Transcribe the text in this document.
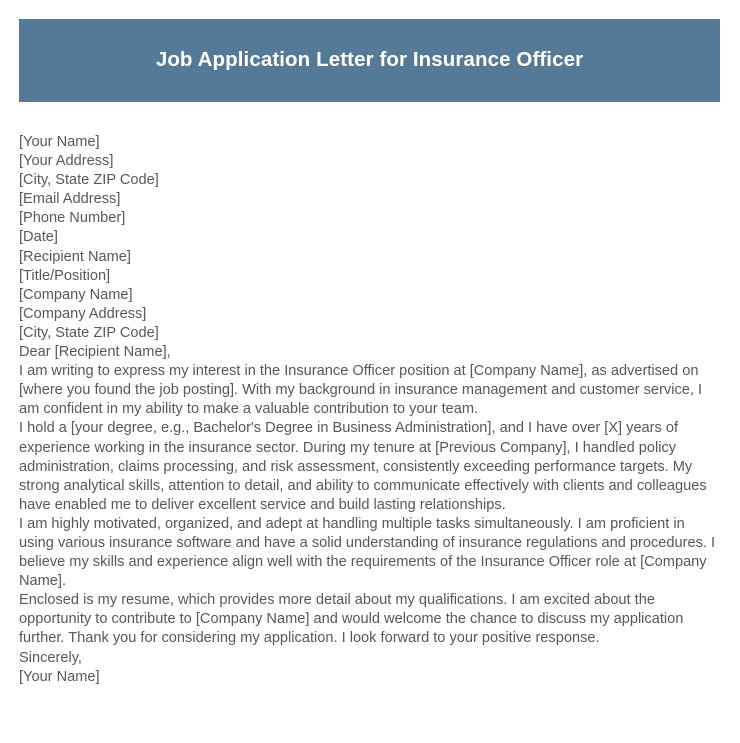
Job Application Letter for Insurance Officer
[Your Name]
[Your Address]
[City, State ZIP Code]
[Email Address]
[Phone Number]
[Date]
[Recipient Name]
[Title/Position]
[Company Name]
[Company Address]
[City, State ZIP Code]
Dear [Recipient Name],
I am writing to express my interest in the Insurance Officer position at [Company Name], as advertised on [where you found the job posting]. With my background in insurance management and customer service, I am confident in my ability to make a valuable contribution to your team.
I hold a [your degree, e.g., Bachelor's Degree in Business Administration], and I have over [X] years of experience working in the insurance sector. During my tenure at [Previous Company], I handled policy administration, claims processing, and risk assessment, consistently exceeding performance targets. My strong analytical skills, attention to detail, and ability to communicate effectively with clients and colleagues have enabled me to deliver excellent service and build lasting relationships.
I am highly motivated, organized, and adept at handling multiple tasks simultaneously. I am proficient in using various insurance software and have a solid understanding of insurance regulations and procedures. I believe my skills and experience align well with the requirements of the Insurance Officer role at [Company Name].
Enclosed is my resume, which provides more detail about my qualifications. I am excited about the opportunity to contribute to [Company Name] and would welcome the chance to discuss my application further. Thank you for considering my application. I look forward to your positive response.
Sincerely,
[Your Name]
